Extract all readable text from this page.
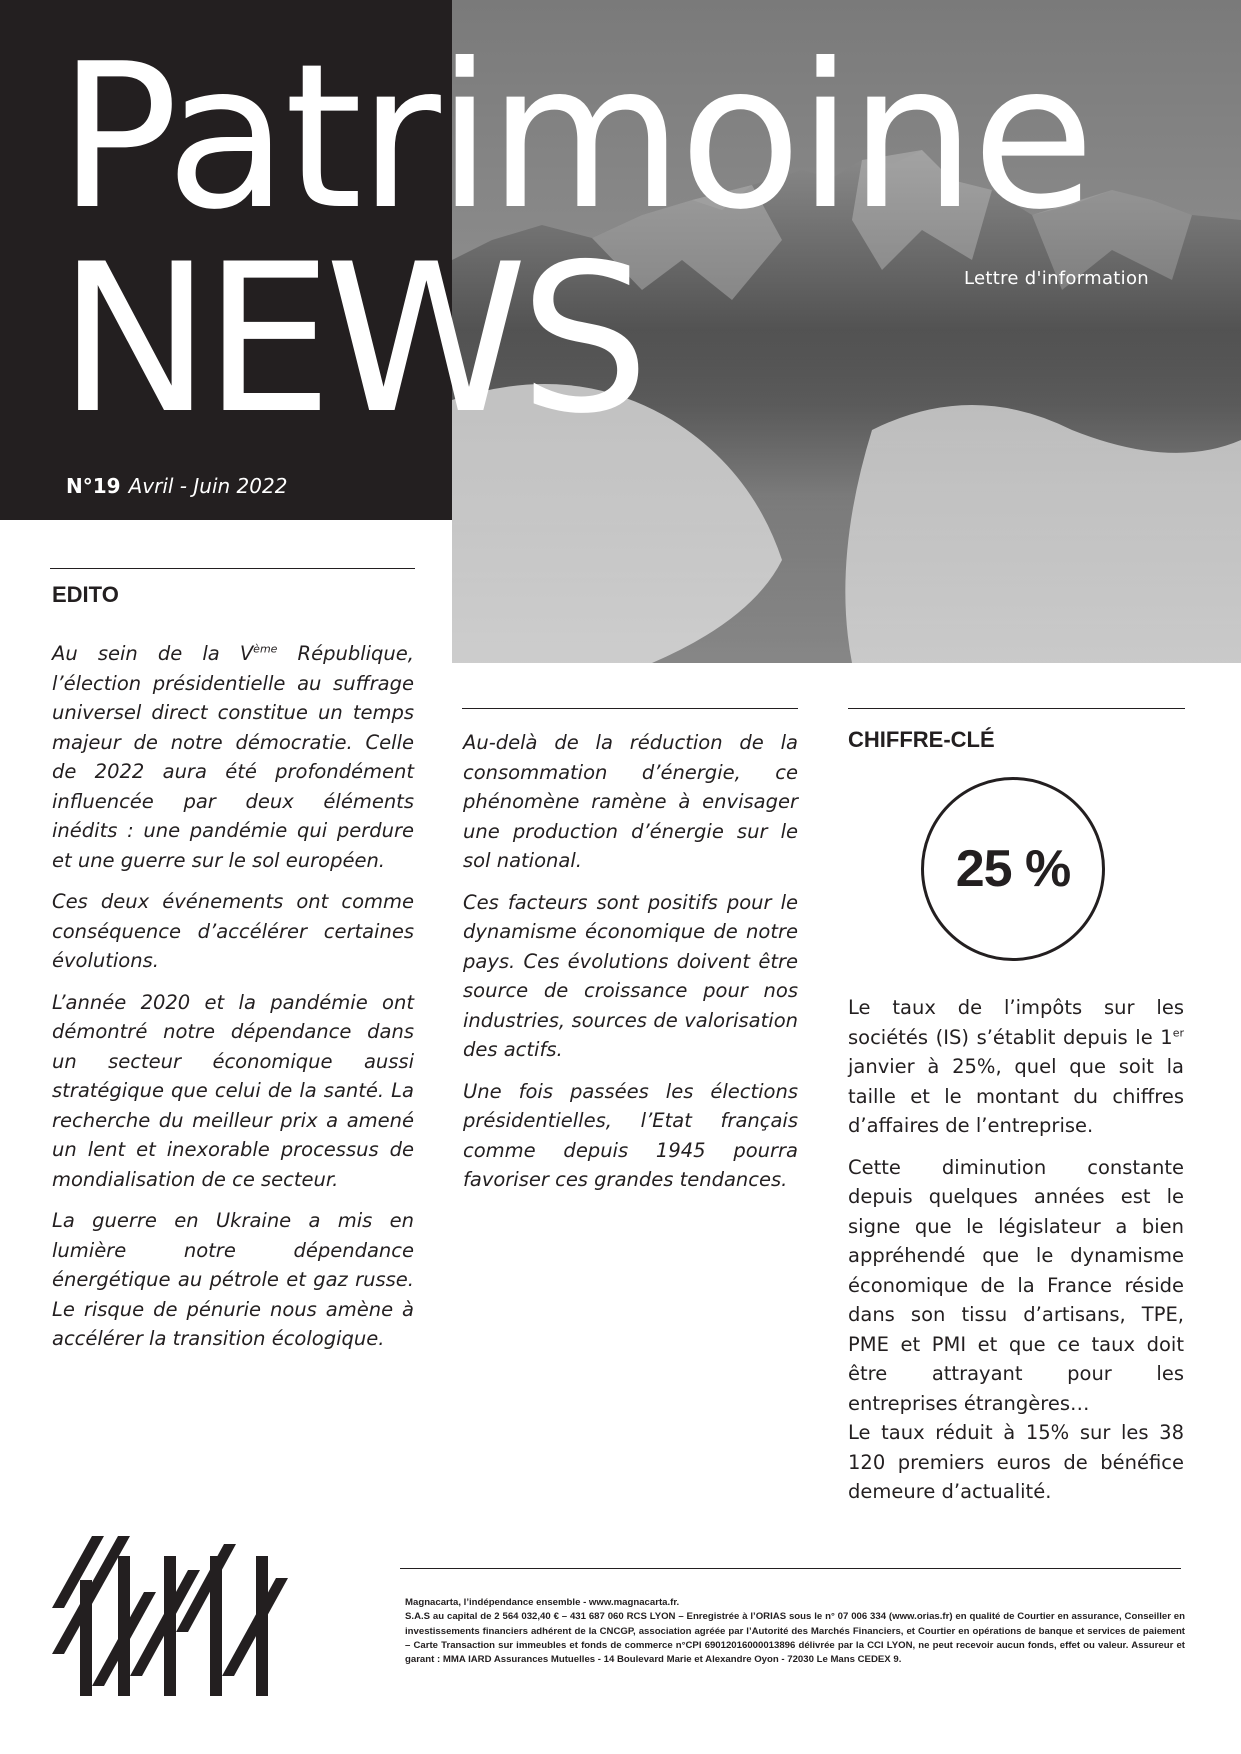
Patrimoine
NEWS	Lettre d'information
N°19 Avril - Juin 2022
EDITO

Au sein de la Vème République, l’élection présidentielle au suffrage universel direct constitue un temps majeur de notre démocratie. Celle de 2022 aura été profondément influencée par deux éléments inédits : une pandémie qui perdure et une guerre sur le sol européen.

Ces deux événements ont comme conséquence d’accélérer certaines évolutions.

L’année 2020 et la pandémie ont démontré notre dépendance dans un secteur économique aussi stratégique que celui de la santé. La recherche du meilleur prix a amené un lent et inexorable processus de mondialisation de ce secteur.

La guerre en Ukraine a mis en lumière notre dépendance énergétique au pétrole et gaz russe. Le risque de pénurie nous amène à accélérer la transition écologique.

Au-delà de la réduction de la consommation d’énergie, ce phénomène ramène à envisager une production d’énergie sur le sol national.

Ces facteurs sont positifs pour le dynamisme économique de notre pays. Ces évolutions doivent être source de croissance pour nos industries, sources de valorisation des actifs.

Une fois passées les élections présidentielles, l’Etat français comme depuis 1945 pourra favoriser ces grandes tendances.

CHIFFRE-CLÉ
25 %

Le taux de l’impôts sur les sociétés (IS) s’établit depuis le 1er janvier à 25%, quel que soit la taille et le montant du chiffres d’affaires de l’entreprise.

Cette diminution constante depuis quelques années est le signe que le législateur a bien appréhendé que le dynamisme économique de la France réside dans son tissu d’artisans, TPE, PME et PMI et que ce taux doit être attrayant pour les entreprises étrangères…

Le taux réduit à 15% sur les 38 120 premiers euros de bénéfice demeure d’actualité.

Magnacarta, l’indépendance ensemble - www.magnacarta.fr.

S.A.S au capital de 2 564 032,40 € – 431 687 060 RCS LYON – Enregistrée à l’ORIAS sous le n° 07 006 334 (www.orias.fr) en qualité de Courtier en assurance, Conseiller en investissements financiers adhérent de la CNCGP, association agréée par l’Autorité des Marchés Financiers, et Courtier en opérations de banque et services de paiement – Carte Transaction sur immeubles et fonds de commerce n°CPI 69012016000013896 délivrée par la CCI LYON, ne peut recevoir aucun fonds, effet ou valeur. Assureur et garant : MMA IARD Assurances Mutuelles - 14 Boulevard Marie et Alexandre Oyon - 72030 Le Mans CEDEX 9.
